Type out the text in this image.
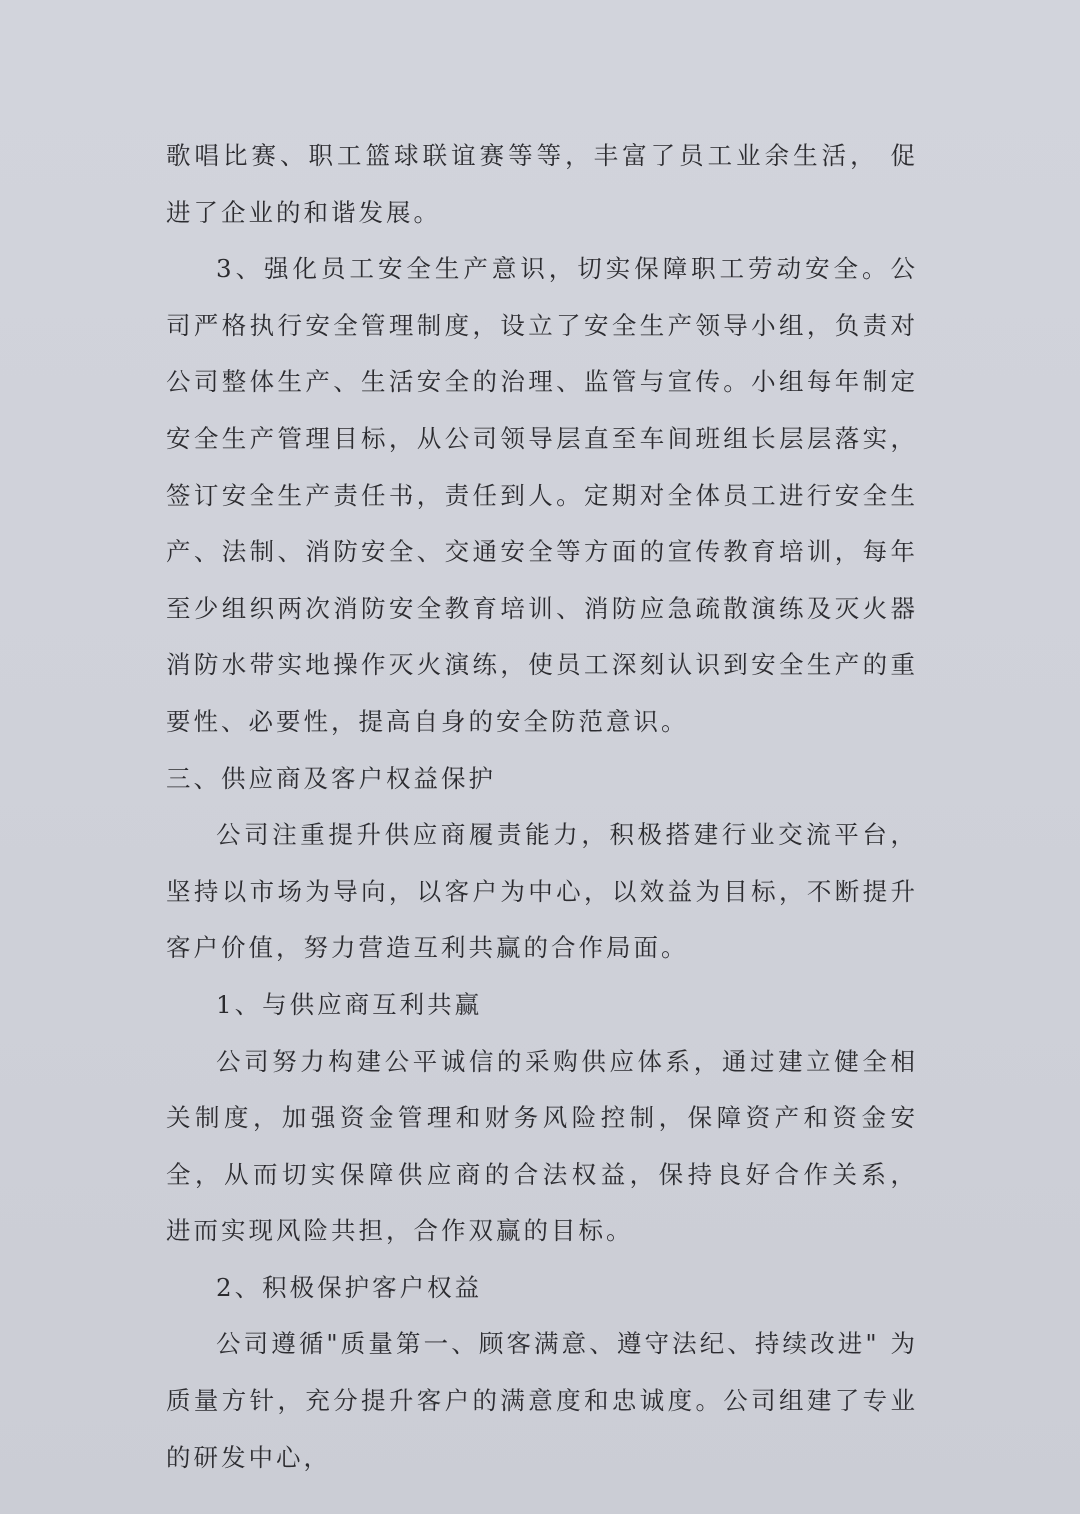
歌唱比赛、职工篮球联谊赛等等，丰富了员工业余生活， 促进了企业的和谐发展。

3、强化员工安全生产意识，切实保障职工劳动安全。公司严格执行安全管理制度，设立了安全生产领导小组，负责对公司整体生产、生活安全的治理、监管与宣传。小组每年制定安全生产管理目标，从公司领导层直至车间班组长层层落实，签订安全生产责任书，责任到人。定期对全体员工进行安全生产、法制、消防安全、交通安全等方面的宣传教育培训，每年至少组织两次消防安全教育培训、消防应急疏散演练及灭火器消防水带实地操作灭火演练，使员工深刻认识到安全生产的重要性、必要性，提高自身的安全防范意识。

三、供应商及客户权益保护

公司注重提升供应商履责能力，积极搭建行业交流平台，坚持以市场为导向，以客户为中心，以效益为目标，不断提升客户价值，努力营造互利共赢的合作局面。

1、与供应商互利共赢

公司努力构建公平诚信的采购供应体系，通过建立健全相关制度，加强资金管理和财务风险控制，保障资产和资金安全，从而切实保障供应商的合法权益，保持良好合作关系， 进而实现风险共担，合作双赢的目标。

2、积极保护客户权益

公司遵循"质量第一、顾客满意、遵守法纪、持续改进" 为质量方针，充分提升客户的满意度和忠诚度。公司组建了专业的研发中心，
